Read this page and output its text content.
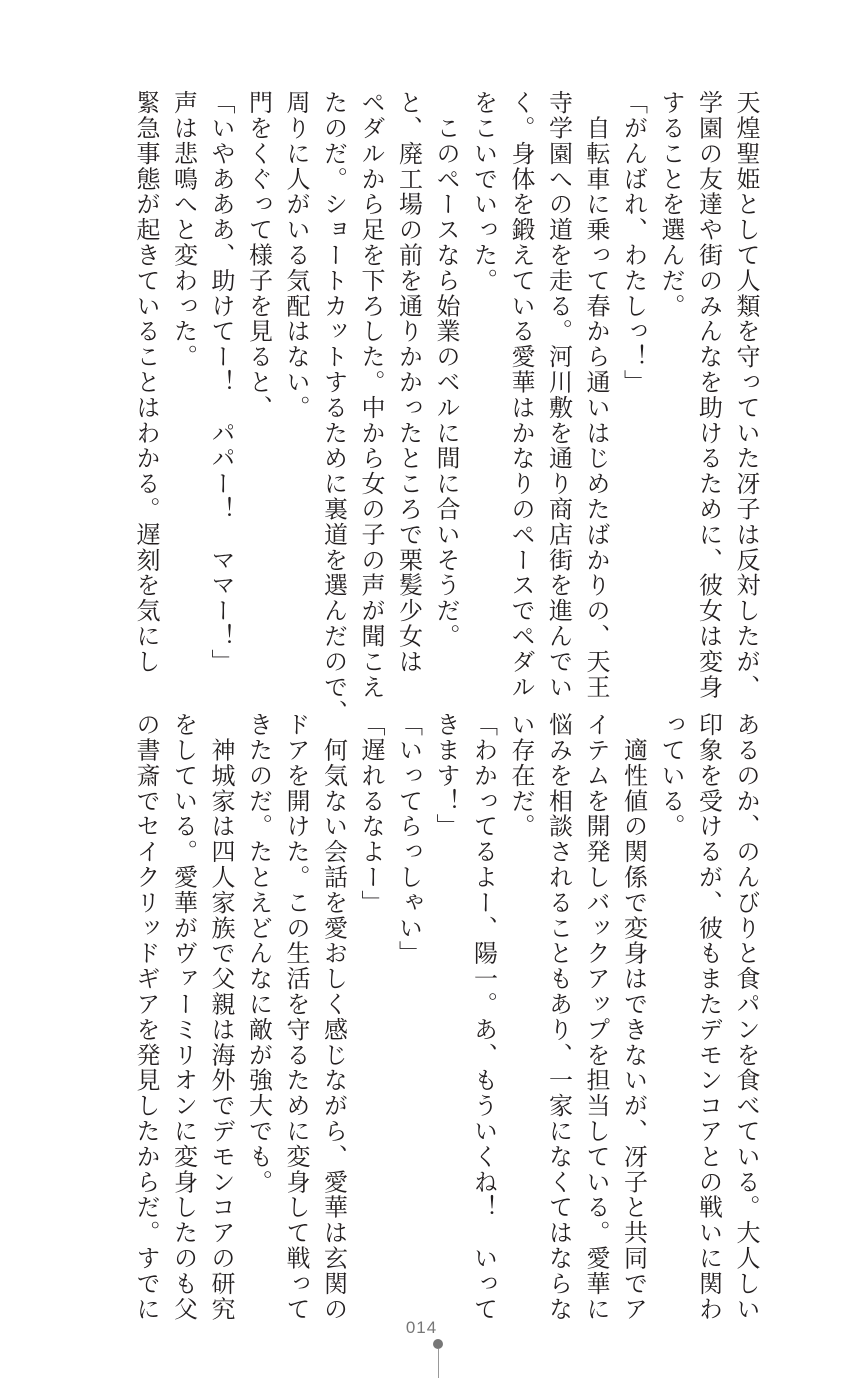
天煌聖姫として人類を守っていた冴子は反対したが、
学園の友達や街のみんなを助けるために、彼女は変身
することを選んだ。
「がんばれ、わたしっ！」
　自転車に乗って春から通いはじめたばかりの、天王
寺学園への道を走る。河川敷を通り商店街を進んでい
く。身体を鍛えている愛華はかなりのペースでペダル
をこいでいった。
　このペースなら始業のベルに間に合いそうだ。
と、廃工場の前を通りかかったところで栗髪少女は
ペダルから足を下ろした。中から女の子の声が聞こえ
たのだ。ショートカットするために裏道を選んだので、
周りに人がいる気配はない。
門をくぐって様子を見ると、
「いやあああ、助けてー！　パパー！　ママー！」
声は悲鳴へと変わった。
緊急事態が起きていることはわかる。遅刻を気にし
あるのか、のんびりと食パンを食べている。大人しい
印象を受けるが、彼もまたデモンコアとの戦いに関わ
っている。
　適性値の関係で変身はできないが、冴子と共同でア
イテムを開発しバックアップを担当している。愛華に
悩みを相談されることもあり、一家になくてはならな
い存在だ。
「わかってるよー、陽一。あ、もういくね！　いって
きます！」
「いってらっしゃい」
「遅れるなよー」
　何気ない会話を愛おしく感じながら、愛華は玄関の
ドアを開けた。この生活を守るために変身して戦って
きたのだ。たとえどんなに敵が強大でも。
　神城家は四人家族で父親は海外でデモンコアの研究
をしている。愛華がヴァーミリオンに変身したのも父
の書斎でセイクリッドギアを発見したからだ。すでに
014
